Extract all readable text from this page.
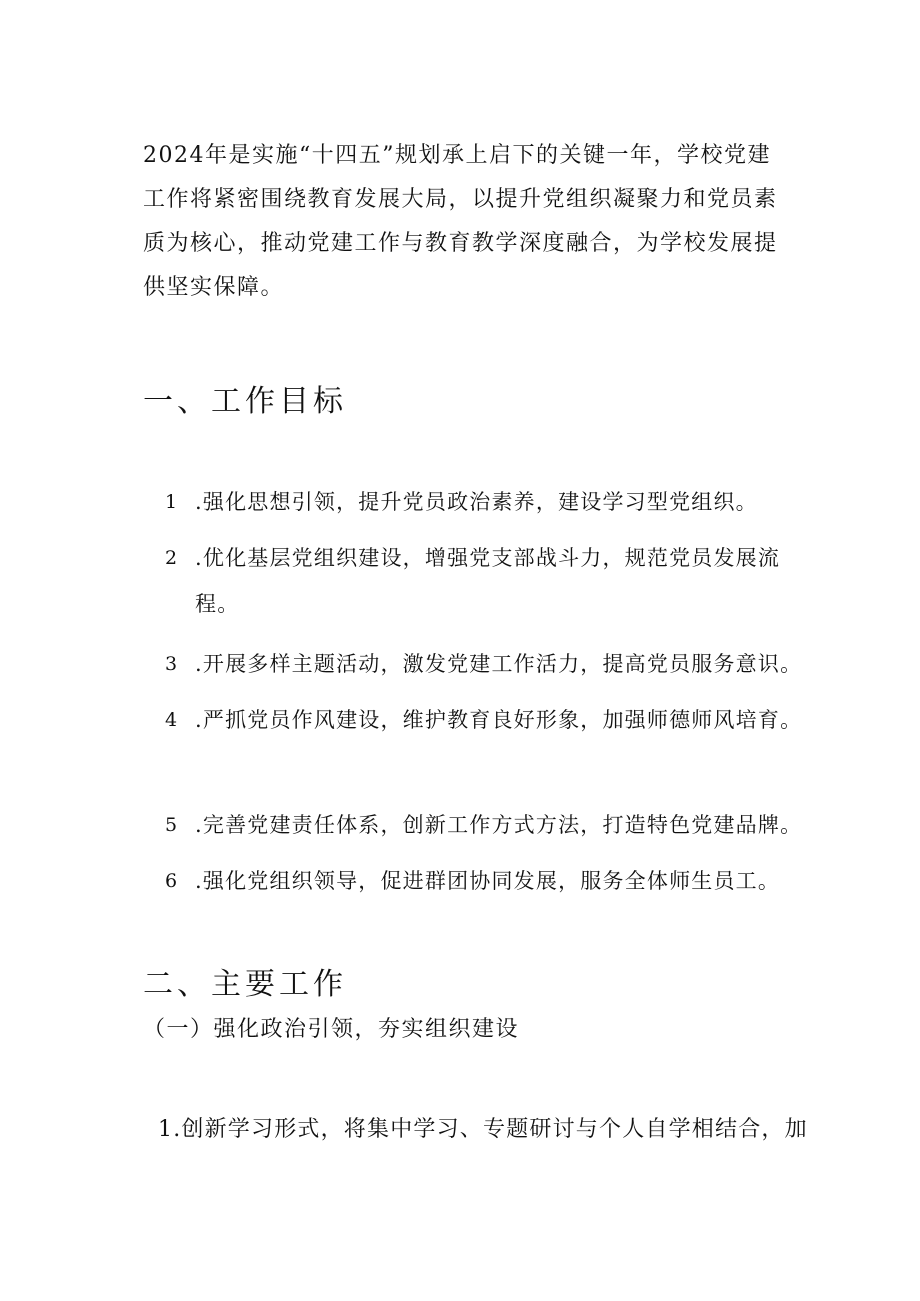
2024年是实施“十四五”规划承上启下的关键一年，学校党建工作将紧密围绕教育发展大局，以提升党组织凝聚力和党员素质为核心，推动党建工作与教育教学深度融合，为学校发展提供坚实保障。

一、工作目标
1 .强化思想引领，提升党员政治素养，建设学习型党组织。
2 .优化基层党组织建设，增强党支部战斗力，规范党员发展流程。
3 .开展多样主题活动，激发党建工作活力，提高党员服务意识。
4 .严抓党员作风建设，维护教育良好形象，加强师德师风培育。
5 .完善党建责任体系，创新工作方式方法，打造特色党建品牌。
6 .强化党组织领导，促进群团协同发展，服务全体师生员工。
二、主要工作

（一）强化政治引领，夯实组织建设

1.创新学习形式，将集中学习、专题研讨与个人自学相结合，加
